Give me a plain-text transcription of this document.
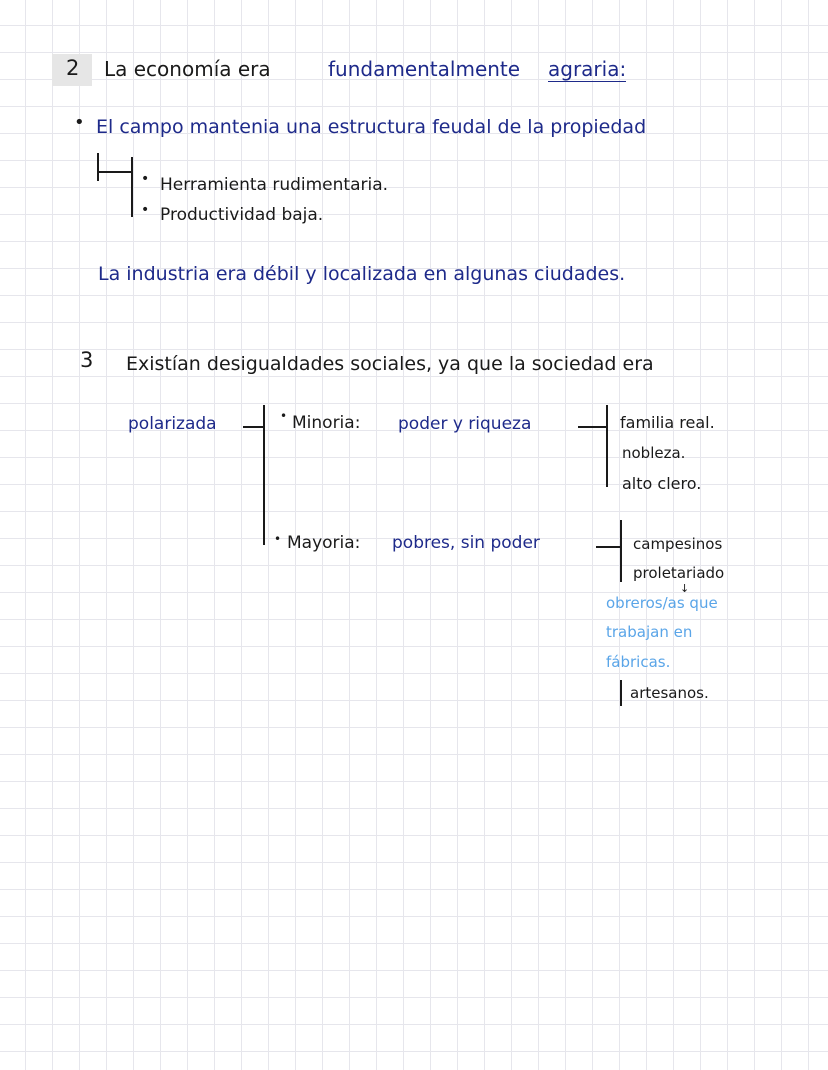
2 La economía era	fundamentalmente agraria:
• El campo mantenia una estructura feudal de la propiedad
• Herramienta rudimentaria.
• Productividad baja.
La industria era débil y localizada en algunas ciudades.
3 Existían desigualdades sociales, ya que la sociedad era
polarizada	• Minoria: poder y riqueza	familia real.
nobleza.
alto clero.
• Mayoria: pobres, sin poder	campesinos
proletariado
↓
obreros/as que
trabajan en
fábricas.
artesanos.
